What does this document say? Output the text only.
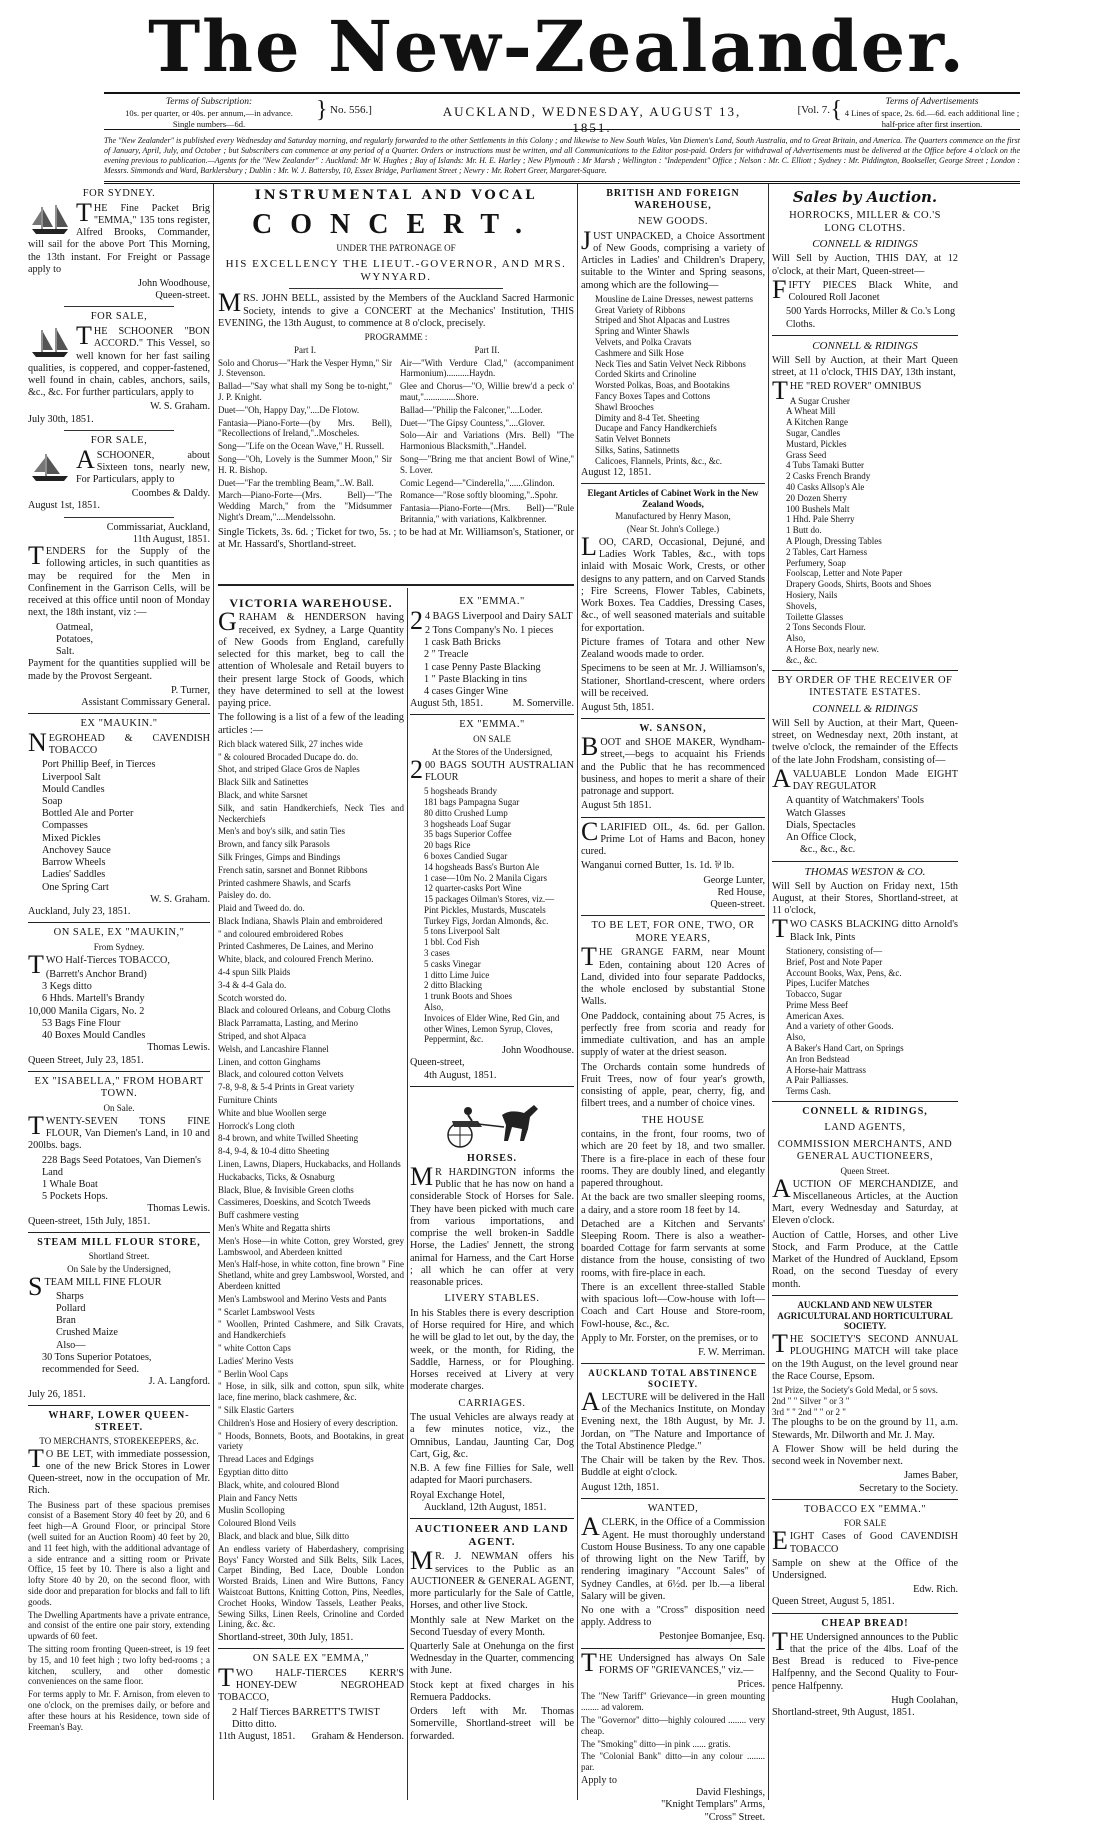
The New-Zealander.
Terms of Subscription:
10s. per quarter, or 40s. per annum,—in advance.
Single numbers—6d.
} No. 556.]	AUCKLAND, WEDNESDAY, AUGUST 13, 1851.
[Vol. 7. {	Terms of Advertisements
4 Lines of space, 2s. 6d.—6d. each additional line ;
half-price after first insertion.
The "New Zealander" is published every Wednesday and Saturday morning, and regularly forwarded to the other Settlements in this Colony ; and likewise to New South Wales, Van Diemen's Land, South Australia, and to Great Britain, and America. The Quarters commence on the first of January, April, July, and October ; but Subscribers can commence at any period of a Quarter. Orders or instructions must be written, and all Communications to the Editor post-paid. Orders for withdrawal of Advertisements must be delivered at the Office before 4 o'clock on the evening previous to publication.—Agents for the "New Zealander" : Auckland: Mr W. Hughes ; Bay of Islands: Mr. H. E. Harley ; New Plymouth : Mr Marsh ; Wellington : "Independent" Office ; Nelson : Mr. C. Elliott ; Sydney : Mr. Piddington, Bookseller, George Street ; London : Messrs. Simmonds and Ward, Barklersbury ; Dublin : Mr. W. J. Battersby, 10, Essex Bridge, Parliament Street ; Newry : Mr. Robert Greer, Margaret-Square.
FOR SYDNEY.
THE Fine Packet Brig "EMMA," 135 tons register, Alfred Brooks, Commander, will sail for the above Port This Morning, the 13th instant. For Freight or Passage apply to
John Woodhouse,
Queen-street.
FOR SALE,
THE SCHOONER "BON ACCORD." This Vessel, so well known for her fast sailing qualities, is coppered, and copper-fastened, well found in chain, cables, anchors, sails, &c., &c. For further particulars, apply to
W. S. Graham.
July 30th, 1851.
FOR SALE,
ASCHOONER, about Sixteen tons, nearly new, For Particulars, apply to
Coombes & Daldy.
August 1st, 1851.
Commissariat, Auckland,
11th August, 1851.
TENDERS for the Supply of the following articles, in such quantities as may be required for the Men in Confinement in the Garrison Cells, will be received at this office until noon of Monday next, the 18th instant, viz :—
Oatmeal,
Potatoes,
Salt.
Payment for the quantities supplied will be made by the Provost Sergeant.
P. Turner,
Assistant Commissary General.
EX "MAUKIN."
NEGROHEAD & CAVENDISH TOBACCO
Port Phillip Beef, in Tierces
Liverpool Salt
Mould Candles
Soap
Bottled Ale and Porter
Compasses
Mixed Pickles
Anchovey Sauce
Barrow Wheels
Ladies' Saddles
One Spring Cart
W. S. Graham.
Auckland, July 23, 1851.
ON SALE, EX "MAUKIN,"
From Sydney.
TWO Half-Tierces TOBACCO,
(Barrett's Anchor Brand)
3 Kegs ditto
6 Hhds. Martell's Brandy
10,000 Manila Cigars, No. 2
53 Bags Fine Flour
40 Boxes Mould Candles
Thomas Lewis.
Queen Street, July 23, 1851.
EX "ISABELLA," FROM HOBART TOWN.
On Sale.
TWENTY-SEVEN TONS FINE FLOUR, Van Diemen's Land, in 10 and 200lbs. bags.
228 Bags Seed Potatoes, Van Diemen's Land
1 Whale Boat
5 Pockets Hops.
Thomas Lewis.
Queen-street, 15th July, 1851.
STEAM MILL FLOUR STORE,
Shortland Street.
On Sale by the Undersigned,
STEAM MILL FINE FLOUR
Sharps
Pollard
Bran
Crushed Maize
Also—
30 Tons Superior Potatoes, recommended for Seed.
J. A. Langford.
July 26, 1851.
WHARF, LOWER QUEEN-STREET.
TO MERCHANTS, STOREKEEPERS, &c.
TO BE LET, with immediate possession, one of the new Brick Stores in Lower Queen-street, now in the occupation of Mr. Rich.
The Business part of these spacious premises consist of a Basement Story 40 feet by 20, and 6 feet high—A Ground Floor, or principal Store (well suited for an Auction Room) 40 feet by 20, and 11 feet high, with the additional advantage of a side entrance and a sitting room or Private Office, 15 feet by 10. There is also a light and lofty Store 40 by 20, on the second floor, with side door and preparation for blocks and fall to lift goods.
The Dwelling Apartments have a private entrance, and consist of the entire one pair story, extending upwards of 60 feet.
The sitting room fronting Queen-street, is 19 feet by 15, and 10 feet high ; two lofty bed-rooms ; a kitchen, scullery, and other domestic conveniences on the same floor.
For terms apply to Mr. F. Arnison, from eleven to one o'clock, on the premises daily, or before and after these hours at his Residence, town side of Freeman's Bay.
INSTRUMENTAL AND VOCAL
CONCERT.
UNDER THE PATRONAGE OF
HIS EXCELLENCY THE LIEUT.-GOVERNOR, AND MRS. WYNYARD.
MRS. JOHN BELL, assisted by the Members of the Auckland Sacred Harmonic Society, intends to give a CONCERT at the Mechanics' Institution, THIS EVENING, the 13th August, to commence at 8 o'clock, precisely.
PROGRAMME :
Part I.
Solo and Chorus—"Hark the Vesper Hymn," Sir J. Stevenson.
Ballad—"Say what shall my Song be to-night," J. P. Knight.
Duet—"Oh, Happy Day,"....De Flotow.
Fantasia—Piano-Forte—(by Mrs. Bell), "Recollections of Ireland,"..Moscheles.
Song—"Life on the Ocean Wave," H. Russell.
Song—"Oh, Lovely is the Summer Moon," Sir H. R. Bishop.
Duet—"Far the trembling Beam,"..W. Ball.
March—Piano-Forte—(Mrs. Bell)—"The Wedding March," from the "Midsummer Night's Dream,"....Mendelssohn.
Part II.
Air—"With Verdure Clad," (accompaniment Harmonium)..........Haydn.
Glee and Chorus—"O, Willie brew'd a peck o' maut,"..............Shore.
Ballad—"Philip the Falconer,"....Loder.
Duet—"The Gipsy Countess,"....Glover.
Solo—Air and Variations (Mrs. Bell) "The Harmonious Blacksmith,"..Handel.
Song—"Bring me that ancient Bowl of Wine," S. Lover.
Comic Legend—"Cinderella,"......Glindon.
Romance—"Rose softly blooming,"..Spohr.
Fantasia—Piano-Forte—(Mrs. Bell)—"Rule Britannia," with variations, Kalkbrenner.
Single Tickets, 3s. 6d. ; Ticket for two, 5s. ; to be had at Mr. Williamson's, Stationer, or at Mr. Hassard's, Shortland-street.
VICTORIA WAREHOUSE.
GRAHAM & HENDERSON having received, ex Sydney, a Large Quantity of New Goods from England, carefully selected for this market, beg to call the attention of Wholesale and Retail buyers to their present large Stock of Goods, which they have determined to sell at the lowest paying price.
The following is a list of a few of the leading articles :—
Rich black watered Silk, 27 inches wide
" & coloured Brocaded Ducape do. do.
Shot, and striped Glace Gros de Naples
Black Silk and Satinettes
Black, and white Sarsnet
Silk, and satin Handkerchiefs, Neck Ties and Neckerchiefs
Men's and boy's silk, and satin Ties
Brown, and fancy silk Parasols
Silk Fringes, Gimps and Bindings
French satin, sarsnet and Bonnet Ribbons
Printed cashmere Shawls, and Scarfs
Paisley do. do.
Plaid and Tweed do. do.
Black Indiana, Shawls Plain and embroidered
" and coloured embroidered Robes
Printed Cashmeres, De Laines, and Merino
White, black, and coloured French Merino.
4-4 spun Silk Plaids
3-4 & 4-4 Gala do.
Scotch worsted do.
Black and coloured Orleans, and Coburg Cloths
Black Parramatta, Lasting, and Merino
Striped, and shot Alpaca
Welsh, and Lancashire Flannel
Linen, and cotton Ginghams
Black, and coloured cotton Velvets
7-8, 9-8, & 5-4 Prints in Great variety
Furniture Chints
White and blue Woollen serge
Horrock's Long cloth
8-4 brown, and white Twilled Sheeting
8-4, 9-4, & 10-4 ditto Sheeting
Linen, Lawns, Diapers, Huckabacks, and Hollands
Huckabacks, Ticks, & Osnaburg
Black, Blue, & Invisible Green cloths
Cassimeres, Doeskins, and Scotch Tweeds
Buff cashmere vesting
Men's White and Regatta shirts
Men's Hose—in white Cotton, grey Worsted, grey Lambswool, and Aberdeen knitted
Men's Half-hose, in white cotton, fine brown " Fine Shetland, white and grey Lambswool, Worsted, and Aberdeen knitted
Men's Lambswool and Merino Vests and Pants
" Scarlet Lambswool Vests
" Woollen, Printed Cashmere, and Silk Cravats, and Handkerchiefs
" white Cotton Caps
Ladies' Merino Vests
" Berlin Wool Caps
" Hose, in silk, silk and cotton, spun silk, white lace, fine merino, black cashmere, &c.
" Silk Elastic Garters
Children's Hose and Hosiery of every description.
" Hoods, Bonnets, Boots, and Bootakins, in great variety
Thread Laces and Edgings
Egyptian ditto ditto
Black, white, and coloured Blond
Plain and Fancy Netts
Muslin Scolloping
Coloured Blond Veils
Black, and black and blue, Silk ditto
An endless variety of Haberdashery, comprising Boys' Fancy Worsted and Silk Belts, Silk Laces, Carpet Binding, Bed Lace, Double London Worsted Braids, Linen and Wire Buttons, Fancy Waistcoat Buttons, Knitting Cotton, Pins, Needles, Crochet Hooks, Window Tassels, Leather Peaks, Sewing Silks, Linen Reels, Crinoline and Corded Lining, &c. &c.
Shortland-street, 30th July, 1851.
ON SALE EX "EMMA,"
TWO HALF-TIERCES KERR'S HONEY-DEW NEGROHEAD TOBACCO,
2 Half Tierces BARRETT'S TWIST
Ditto ditto.
11th August, 1851. Graham & Henderson.
EX "EMMA."
24 BAGS Liverpool and Dairy SALT
2 Tons Company's No. 1 pieces
1 cask Bath Bricks
2 " Treacle
1 case Penny Paste Blacking
1 " Paste Blacking in tins
4 cases Ginger Wine
August 5th, 1851.	M. Somerville.
EX "EMMA."
ON SALE
At the Stores of the Undersigned,
200 BAGS SOUTH AUSTRALIAN FLOUR
5 hogsheads Brandy
181 bags Pampagna Sugar
80 ditto Crushed Lump
3 hogsheads Loaf Sugar
35 bags Superior Coffee
20 bags Rice
6 boxes Candied Sugar
14 hogsheads Bass's Burton Ale
1 case—10m No. 2 Manila Cigars
12 quarter-casks Port Wine
15 packages Oilman's Stores, viz.—
Pint Pickles, Mustards, Muscatels
Turkey Figs, Jordan Almonds, &c.
5 tons Liverpool Salt
1 bbl. Cod Fish
3 cases
5 casks Vinegar
1 ditto Lime Juice
2 ditto Blacking
1 trunk Boots and Shoes
Also,
Invoices of Elder Wine, Red Gin, and other Wines, Lemon Syrup, Cloves, Peppermint, &c.
John Woodhouse.
Queen-street,
4th August, 1851.
HORSES.
MR HARDINGTON informs the Public that he has now on hand a considerable Stock of Horses for Sale. They have been picked with much care from various importations, and comprise the well broken-in Saddle Horse, the Ladies' Jennett, the strong animal for Harness, and the Cart Horse ; all which he can offer at very reasonable prices.
LIVERY STABLES.
In his Stables there is every description of Horse required for Hire, and which he will be glad to let out, by the day, the week, or the month, for Riding, the Saddle, Harness, or for Ploughing. Horses received at Livery at very moderate charges.
CARRIAGES.
The usual Vehicles are always ready at a few minutes notice, viz., the Omnibus, Landau, Jaunting Car, Dog Cart, Gig, &c.
N.B. A few fine Fillies for Sale, well adapted for Maori purchasers.
Royal Exchange Hotel,
Auckland, 12th August, 1851.
AUCTIONEER AND LAND AGENT.
MR. J. NEWMAN offers his services to the Public as an AUCTIONEER & GENERAL AGENT, more particularly for the Sale of Cattle, Horses, and other live Stock.
Monthly sale at New Market on the Second Tuesday of every Month.
Quarterly Sale at Onehunga on the first Wednesday in the Quarter, commencing with June.
Stock kept at fixed charges in his Remuera Paddocks.
Orders left with Mr. Thomas Somerville, Shortland-street will be forwarded.
BRITISH AND FOREIGN WAREHOUSE,
NEW GOODS.
JUST UNPACKED, a Choice Assortment of New Goods, comprising a variety of Articles in Ladies' and Children's Drapery, suitable to the Winter and Spring seasons, among which are the following—
Mousline de Laine Dresses, newest patterns
Great Variety of Ribbons
Striped and Shot Alpacas and Lustres
Spring and Winter Shawls
Velvets, and Polka Cravats
Cashmere and Silk Hose
Neck Ties and Satin Velvet Neck Ribbons
Corded Skirts and Crinoline
Worsted Polkas, Boas, and Bootakins
Fancy Boxes Tapes and Cottons
Shawl Brooches
Dimity and 8-4 Tet. Sheeting
Ducape and Fancy Handkerchiefs
Satin Velvet Bonnets
Silks, Satins, Satinnetts
Calicoes, Flannels, Prints, &c., &c.
August 12, 1851.
Elegant Articles of Cabinet Work in the New Zealand Woods,
Manufactured by Henry Mason,
(Near St. John's College.)
LOO, CARD, Occasional, Dejuné, and Ladies Work Tables, &c., with tops inlaid with Mosaic Work, Crests, or other designs to any pattern, and on Carved Stands ; Fire Screens, Flower Tables, Cabinets, Work Boxes. Tea Caddies, Dressing Cases, &c., of well seasoned materials and suitable for exportation.
Picture frames of Totara and other New Zealand woods made to order.
Specimens to be seen at Mr. J. Williamson's, Stationer, Shortland-crescent, where orders will be received.
August 5th, 1851.
W. SANSON,
BOOT and SHOE MAKER, Wyndham-street,—begs to acquaint his Friends and the Public that he has recommenced business, and hopes to merit a share of their patronage and support.
August 5th 1851.
CLARIFIED OIL, 4s. 6d. per Gallon. Prime Lot of Hams and Bacon, honey cured.
Wanganui corned Butter, 1s. 1d. ⅌ lb.
George Lunter,
Red House,
Queen-street.
TO BE LET, FOR ONE, TWO, OR MORE YEARS,
THE GRANGE FARM, near Mount Eden, containing about 120 Acres of Land, divided into four separate Paddocks, the whole enclosed by substantial Stone Walls.
One Paddock, containing about 75 Acres, is perfectly free from scoria and ready for immediate cultivation, and has an ample supply of water at the driest season.
The Orchards contain some hundreds of Fruit Trees, now of four year's growth, consisting of apple, pear, cherry, fig, and filbert trees, and a number of choice vines.
THE HOUSE
contains, in the front, four rooms, two of which are 20 feet by 18, and two smaller. There is a fire-place in each of these four rooms. They are doubly lined, and elegantly papered throughout.
At the back are two smaller sleeping rooms, a dairy, and a store room 18 feet by 14.
Detached are a Kitchen and Servants' Sleeping Room. There is also a weather-boarded Cottage for farm servants at some distance from the house, consisting of two rooms, with fire-place in each.
There is an excellent three-stalled Stable with spacious loft—Cow-house with loft—Coach and Cart House and Store-room, Fowl-house, &c., &c.
Apply to Mr. Forster, on the premises, or to
F. W. Merriman.
AUCKLAND TOTAL ABSTINENCE SOCIETY.
ALECTURE will be delivered in the Hall of the Mechanics Institute, on Monday Evening next, the 18th August, by Mr. J. Jordan, on "The Nature and Importance of the Total Abstinence Pledge."
The Chair will be taken by the Rev. Thos. Buddle at eight o'clock.
August 12th, 1851.
WANTED,
ACLERK, in the Office of a Commission Agent. He must thoroughly understand Custom House Business. To any one capable of throwing light on the New Tariff, by rendering imaginary "Account Sales" of Sydney Candles, at 6½d. per lb.—a liberal Salary will be given.
No one with a "Cross" disposition need apply. Address to
Pestonjee Bomanjee, Esq.
THE Undersigned has always On Sale FORMS OF "GRIEVANCES," viz.—
Prices.
The "New Tariff" Grievance—in green mounting ........ ad valorem.
The "Governor" ditto—highly coloured ........ very cheap.
The "Smoking" ditto—in pink ...... gratis.
The "Colonial Bank" ditto—in any colour ........ par.
Apply to
David Fleshings,
"Knight Templars" Arms,
"Cross" Street.
Sales by Auction.
HORROCKS, MILLER & CO.'S LONG CLOTHS.
CONNELL & RIDINGS
Will Sell by Auction, THIS DAY, at 12 o'clock, at their Mart, Queen-street—
FIFTY PIECES Black White, and Coloured Roll Jaconet
500 Yards Horrocks, Miller & Co.'s Long Cloths.
CONNELL & RIDINGS
Will Sell by Auction, at their Mart Queen street, at 11 o'clock, THIS DAY, 13th instant,
THE "RED ROVER" OMNIBUS
A Sugar Crusher
A Wheat Mill
A Kitchen Range
Sugar, Candles
Mustard, Pickles
Grass Seed
4 Tubs Tamaki Butter
2 Casks French Brandy
40 Casks Allsop's Ale
20 Dozen Sherry
100 Bushels Malt
1 Hhd. Pale Sherry
1 Butt do.
A Plough, Dressing Tables
2 Tables, Cart Harness
Perfumery, Soap
Foolscap, Letter and Note Paper
Drapery Goods, Shirts, Boots and Shoes
Hosiery, Nails
Shovels,
Toilette Glasses
2 Tons Seconds Flour.
Also,
A Horse Box, nearly new.
&c., &c.
BY ORDER OF THE RECEIVER OF INTESTATE ESTATES.
CONNELL & RIDINGS
Will Sell by Auction, at their Mart, Queen-street, on Wednesday next, 20th instant, at twelve o'clock, the remainder of the Effects of the late John Frodsham, consisting of—
AVALUABLE London Made EIGHT DAY REGULATOR
A quantity of Watchmakers' Tools
Watch Glasses
Dials, Spectacles
An Office Clock,
&c., &c., &c.
THOMAS WESTON & CO.
Will Sell by Auction on Friday next, 15th August, at their Stores, Shortland-street, at 11 o'clock,
TWO CASKS BLACKING ditto Arnold's Black Ink, Pints
Stationery, consisting of—
Brief, Post and Note Paper
Account Books, Wax, Pens, &c.
Pipes, Lucifer Matches
Tobacco, Sugar
Prime Mess Beef
American Axes.
And a variety of other Goods.
Also,
A Baker's Hand Cart, on Springs
An Iron Bedstead
A Horse-hair Mattrass
A Pair Palliasses.
Terms Cash.
CONNELL & RIDINGS,
LAND AGENTS,
COMMISSION MERCHANTS, AND GENERAL AUCTIONEERS,
Queen Street.
AUCTION OF MERCHANDIZE, and Miscellaneous Articles, at the Auction Mart, every Wednesday and Saturday, at Eleven o'clock.
Auction of Cattle, Horses, and other Live Stock, and Farm Produce, at the Cattle Market of the Hundred of Auckland, Epsom Road, on the second Tuesday of every month.
AUCKLAND AND NEW ULSTER AGRICULTURAL AND HORTICULTURAL SOCIETY.
THE SOCIETY'S SECOND ANNUAL PLOUGHING MATCH will take place on the 19th August, on the level ground near the Race Course, Epsom.
1st Prize, the Society's Gold Medal, or 5 sovs.
2nd " " Silver " or 3 "
3rd " " 2nd " " or 2 "
The ploughs to be on the ground by 11, a.m. Stewards, Mr. Dilworth and Mr. J. May.
A Flower Show will be held during the second week in November next.
James Baber,
Secretary to the Society.
TOBACCO EX "EMMA."
FOR SALE
EIGHT Cases of Good CAVENDISH TOBACCO
Sample on shew at the Office of the Undersigned.
Edw. Rich.
Queen Street, August 5, 1851.
CHEAP BREAD!
THE Undersigned announces to the Public that the price of the 4lbs. Loaf of the Best Bread is reduced to Five-pence Halfpenny, and the Second Quality to Four-pence Halfpenny.
Hugh Coolahan,
Shortland-street, 9th August, 1851.
